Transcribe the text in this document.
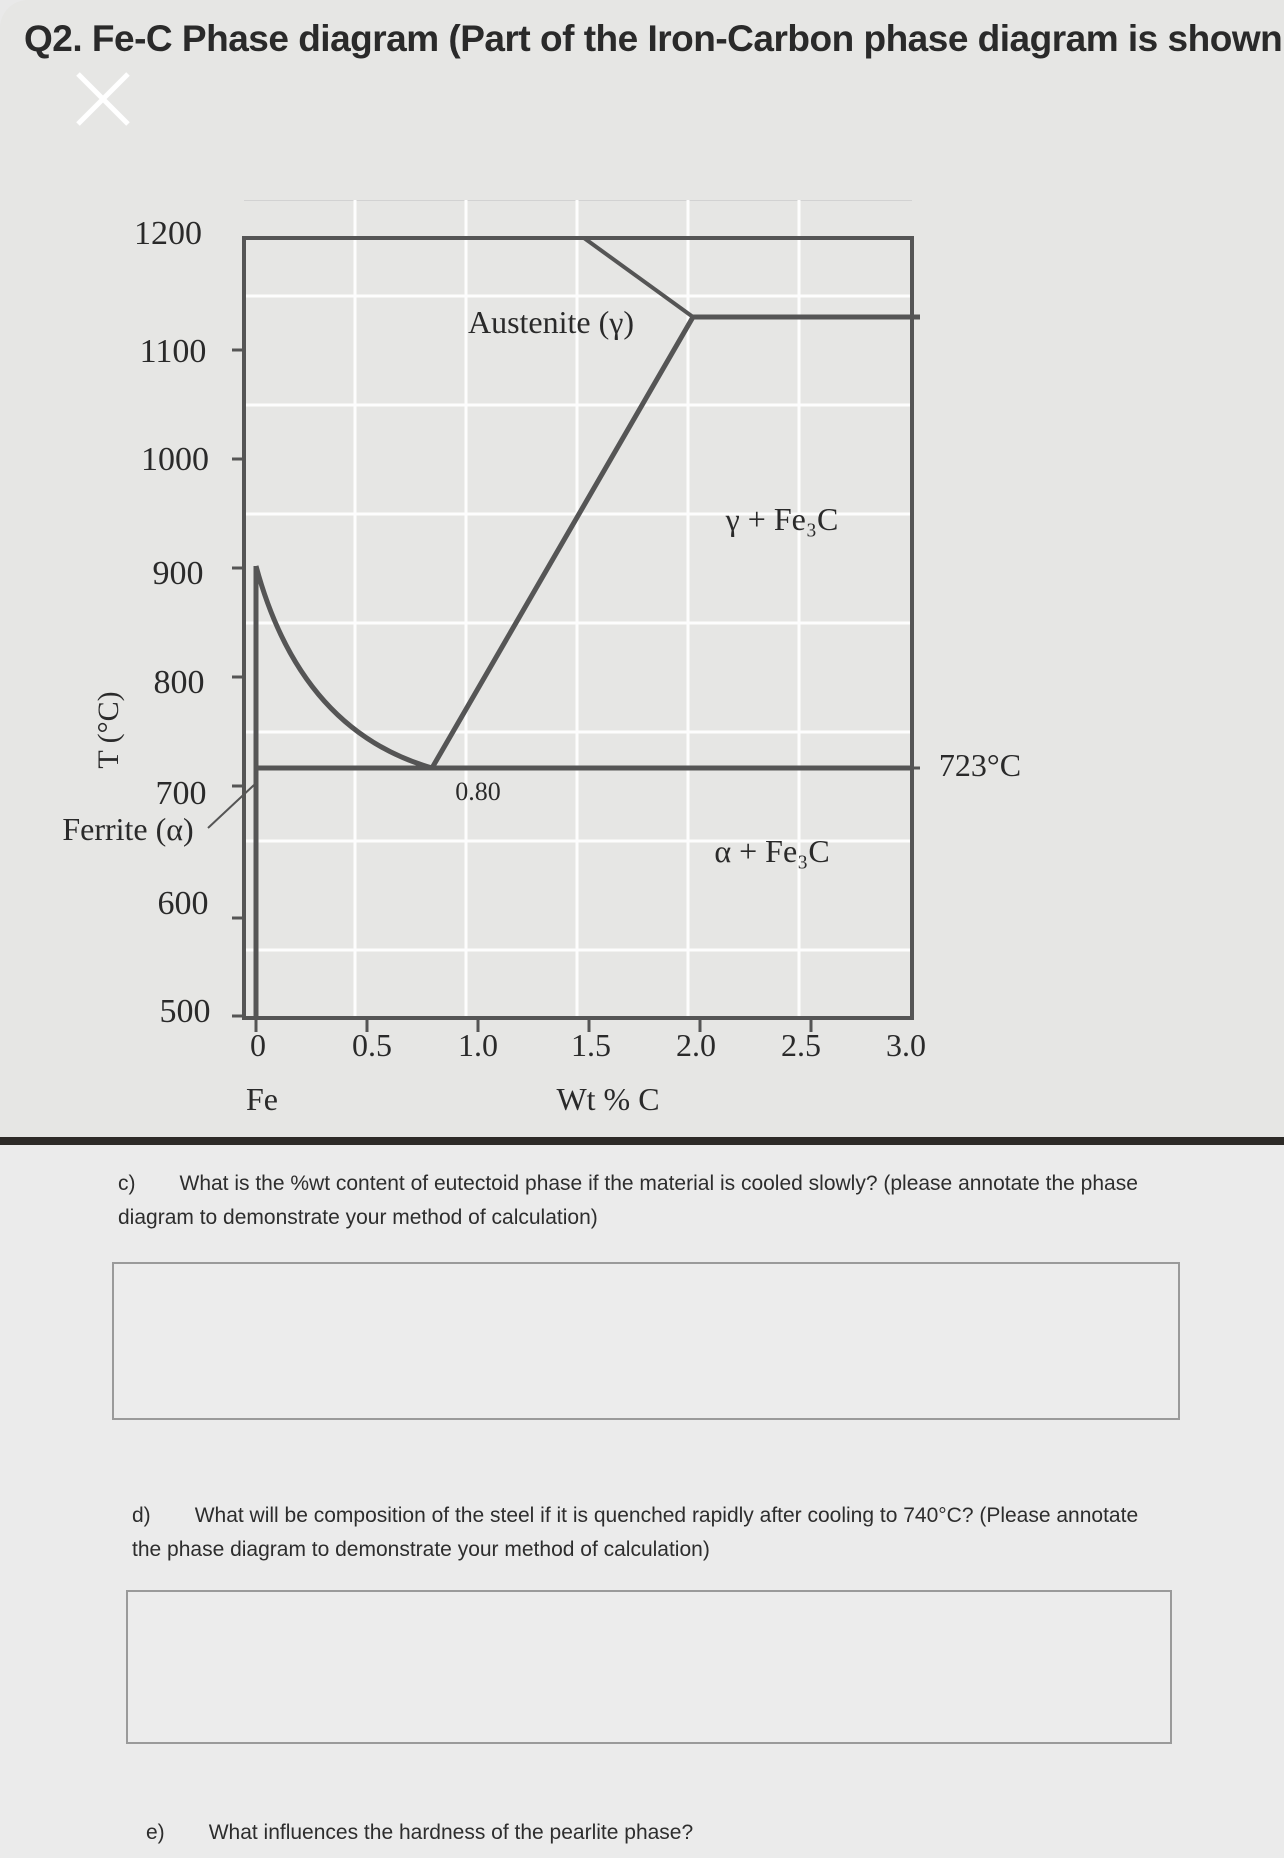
Q2. Fe-C Phase diagram (Part of the Iron-Carbon phase diagram is shown
1200
1100
1000
900
800
700
600
500
T (°C)
Ferrite (α)
0	0.5 1.0 1.5 2.0 2.5 3.0
Fe	Wt % C
Austenite (γ)
γ + Fe₃C
α + Fe₃C
0.80
723°C
c) What is the %wt content of eutectoid phase if the material is cooled slowly? (please annotate the phase diagram to demonstrate your method of calculation)
d) What will be composition of the steel if it is quenched rapidly after cooling to 740°C? (Please annotate the phase diagram to demonstrate your method of calculation)
e) What influences the hardness of the pearlite phase?
